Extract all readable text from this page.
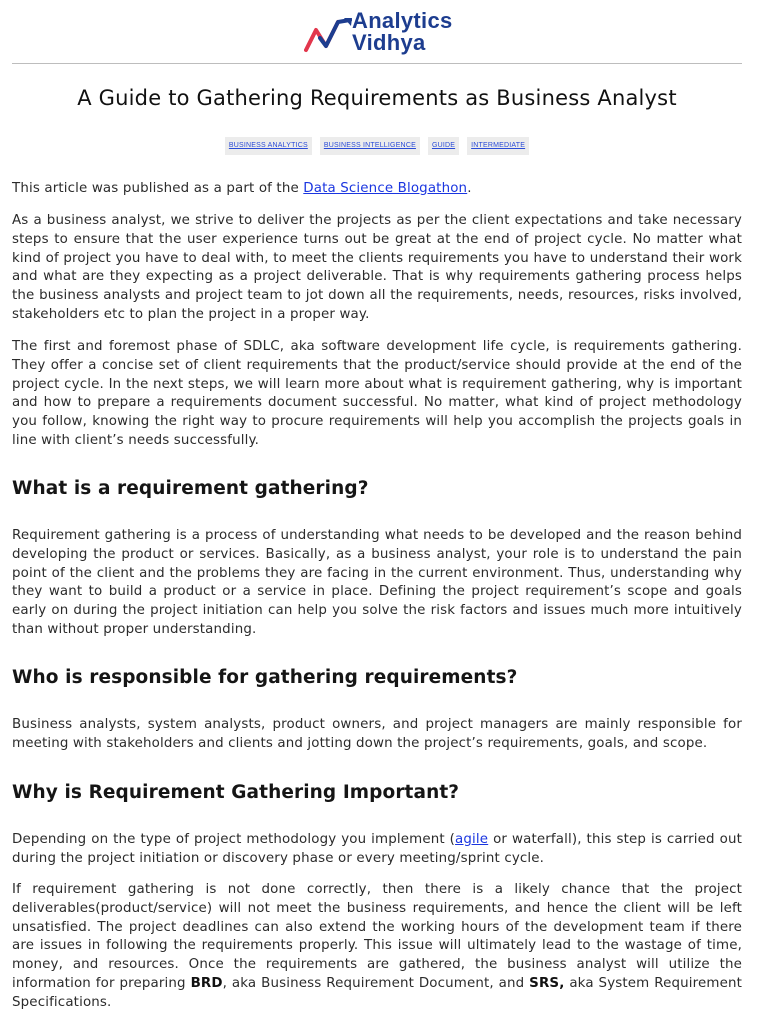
Analytics
Vidhya
A Guide to Gathering Requirements as Business Analyst
BUSINESS ANALYTICS BUSINESS INTELLIGENCE GUIDE INTERMEDIATE

This article was published as a part of the Data Science Blogathon.

As a business analyst, we strive to deliver the projects as per the client expectations and take necessary steps to ensure that the user experience turns out be great at the end of project cycle. No matter what kind of project you have to deal with, to meet the clients requirements you have to understand their work and what are they expecting as a project deliverable. That is why requirements gathering process helps the business analysts and project team to jot down all the requirements, needs, resources, risks involved, stakeholders etc to plan the project in a proper way.

The first and foremost phase of SDLC, aka software development life cycle, is requirements gathering. They offer a concise set of client requirements that the product/service should provide at the end of the project cycle. In the next steps, we will learn more about what is requirement gathering, why is important and how to prepare a requirements document successful. No matter, what kind of project methodology you follow, knowing the right way to procure requirements will help you accomplish the projects goals in line with client’s needs successfully.

What is a requirement gathering?

Requirement gathering is a process of understanding what needs to be developed and the reason behind developing the product or services. Basically, as a business analyst, your role is to understand the pain point of the client and the problems they are facing in the current environment. Thus, understanding why they want to build a product or a service in place. Defining the project requirement’s scope and goals early on during the project initiation can help you solve the risk factors and issues much more intuitively than without proper understanding.

Who is responsible for gathering requirements?

Business analysts, system analysts, product owners, and project managers are mainly responsible for meeting with stakeholders and clients and jotting down the project’s requirements, goals, and scope.

Why is Requirement Gathering Important?

Depending on the type of project methodology you implement (agile or waterfall), this step is carried out during the project initiation or discovery phase or every meeting/sprint cycle.

If requirement gathering is not done correctly, then there is a likely chance that the project deliverables(product/service) will not meet the business requirements, and hence the client will be left unsatisfied. The project deadlines can also extend the working hours of the development team if there are issues in following the requirements properly. This issue will ultimately lead to the wastage of time, money, and resources. Once the requirements are gathered, the business analyst will utilize the information for preparing BRD, aka Business Requirement Document, and SRS, aka System Requirement Specifications.
